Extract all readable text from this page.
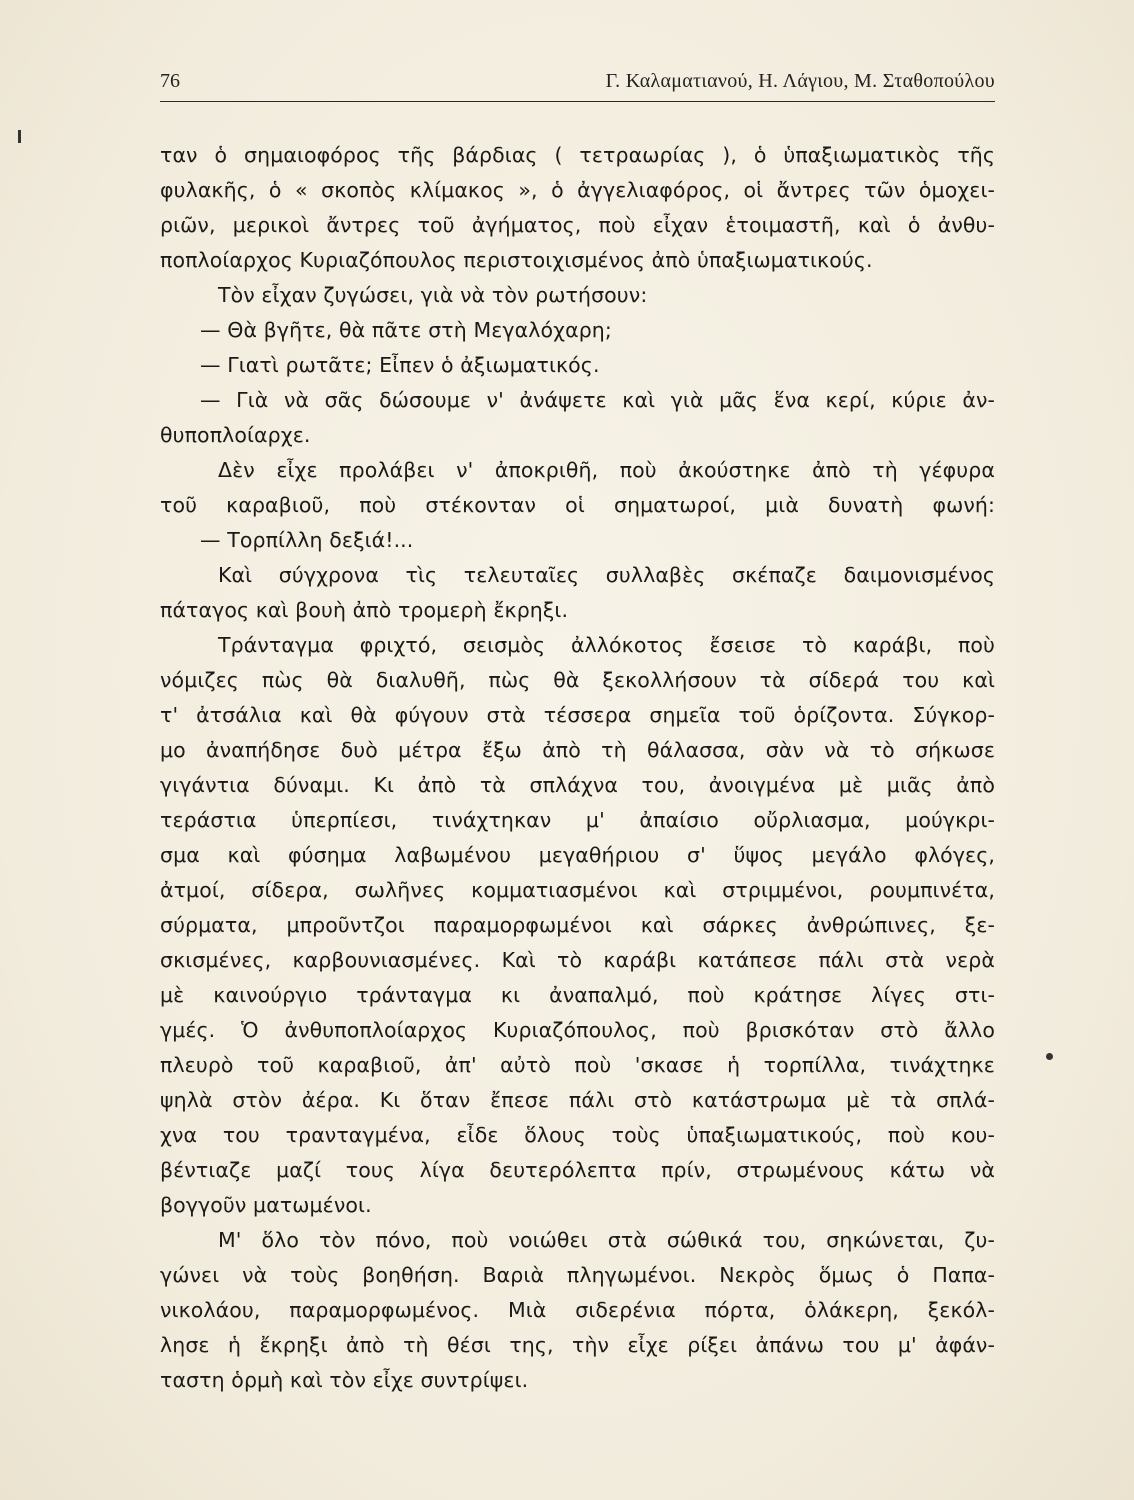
76	Γ. Καλαματιανού, Η. Λάγιου, Μ. Σταθοπούλου
ταν ὁ σημαιοφόρος τῆς βάρδιας ( τετραωρίας ), ὁ ὑπαξιωματικὸς τῆς
φυλακῆς, ὁ « σκοπὸς κλίμακος », ὁ ἀγγελιαφόρος, οἱ ἄντρες τῶν ὁμοχει-
ριῶν, μερικοὶ ἄντρες τοῦ ἀγήματος, ποὺ εἶχαν ἑτοιμαστῆ, καὶ ὁ ἀνθυ-
ποπλοίαρχος Κυριαζόπουλος περιστοιχισμένος ἀπὸ ὑπαξιωματικούς.
Τὸν εἶχαν ζυγώσει, γιὰ νὰ τὸν ρωτήσουν:
— Θὰ βγῆτε, θὰ πᾶτε στὴ Μεγαλόχαρη;
— Γιατὶ ρωτᾶτε; Εἶπεν ὁ ἀξιωματικός.
— Γιὰ νὰ σᾶς δώσουμε ν' ἀνάψετε καὶ γιὰ μᾶς ἕνα κερί, κύριε ἀν-
θυποπλοίαρχε.
Δὲν εἶχε προλάβει ν' ἀποκριθῆ, ποὺ ἀκούστηκε ἀπὸ τὴ γέφυρα
τοῦ καραβιοῦ, ποὺ στέκονταν οἱ σηματωροί, μιὰ δυνατὴ φωνή:
— Τορπίλλη δεξιά!...
Καὶ σύγχρονα τὶς τελευταῖες συλλαβὲς σκέπαζε δαιμονισμένος
πάταγος καὶ βουὴ ἀπὸ τρομερὴ ἔκρηξι.
Τράνταγμα φριχτό, σεισμὸς ἀλλόκοτος ἔσεισε τὸ καράβι, ποὺ
νόμιζες πὼς θὰ διαλυθῆ, πὼς θὰ ξεκολλήσουν τὰ σίδερά του καὶ
τ' ἀτσάλια καὶ θὰ φύγουν στὰ τέσσερα σημεῖα τοῦ ὁρίζοντα. Σύγκορ-
μο ἀναπήδησε δυὸ μέτρα ἔξω ἀπὸ τὴ θάλασσα, σὰν νὰ τὸ σήκωσε
γιγάντια δύναμι. Κι ἀπὸ τὰ σπλάχνα του, ἀνοιγμένα μὲ μιᾶς ἀπὸ
τεράστια ὑπερπίεσι, τινάχτηκαν μ' ἀπαίσιο οὔρλιασμα, μούγκρι-
σμα καὶ φύσημα λαβωμένου μεγαθήριου σ' ὕψος μεγάλο φλόγες,
ἀτμοί, σίδερα, σωλῆνες κομματιασμένοι καὶ στριμμένοι, ρουμπινέτα,
σύρματα, μπροῦντζοι παραμορφωμένοι καὶ σάρκες ἀνθρώπινες, ξε-
σκισμένες, καρβουνιασμένες. Καὶ τὸ καράβι κατάπεσε πάλι στὰ νερὰ
μὲ καινούργιο τράνταγμα κι ἀναπαλμό, ποὺ κράτησε λίγες στι-
γμές. Ὁ ἀνθυποπλοίαρχος Κυριαζόπουλος, ποὺ βρισκόταν στὸ ἄλλο
πλευρὸ τοῦ καραβιοῦ, ἀπ' αὐτὸ ποὺ 'σκασε ἡ τορπίλλα, τινάχτηκε
ψηλὰ στὸν ἀέρα. Κι ὅταν ἔπεσε πάλι στὸ κατάστρωμα μὲ τὰ σπλά-
χνα του τρανταγμένα, εἶδε ὅλους τοὺς ὑπαξιωματικούς, ποὺ κου-
βέντιαζε μαζί τους λίγα δευτερόλεπτα πρίν, στρωμένους κάτω νὰ
βογγοῦν ματωμένοι.
Μ' ὅλο τὸν πόνο, ποὺ νοιώθει στὰ σώθικά του, σηκώνεται, ζυ-
γώνει νὰ τοὺς βοηθήση. Βαριὰ πληγωμένοι. Νεκρὸς ὅμως ὁ Παπα-
νικολάου, παραμορφωμένος. Μιὰ σιδερένια πόρτα, ὁλάκερη, ξεκόλ-
λησε ἡ ἔκρηξι ἀπὸ τὴ θέσι της, τὴν εἶχε ρίξει ἀπάνω του μ' ἀφάν-
ταστη ὁρμὴ καὶ τὸν εἶχε συντρίψει.
